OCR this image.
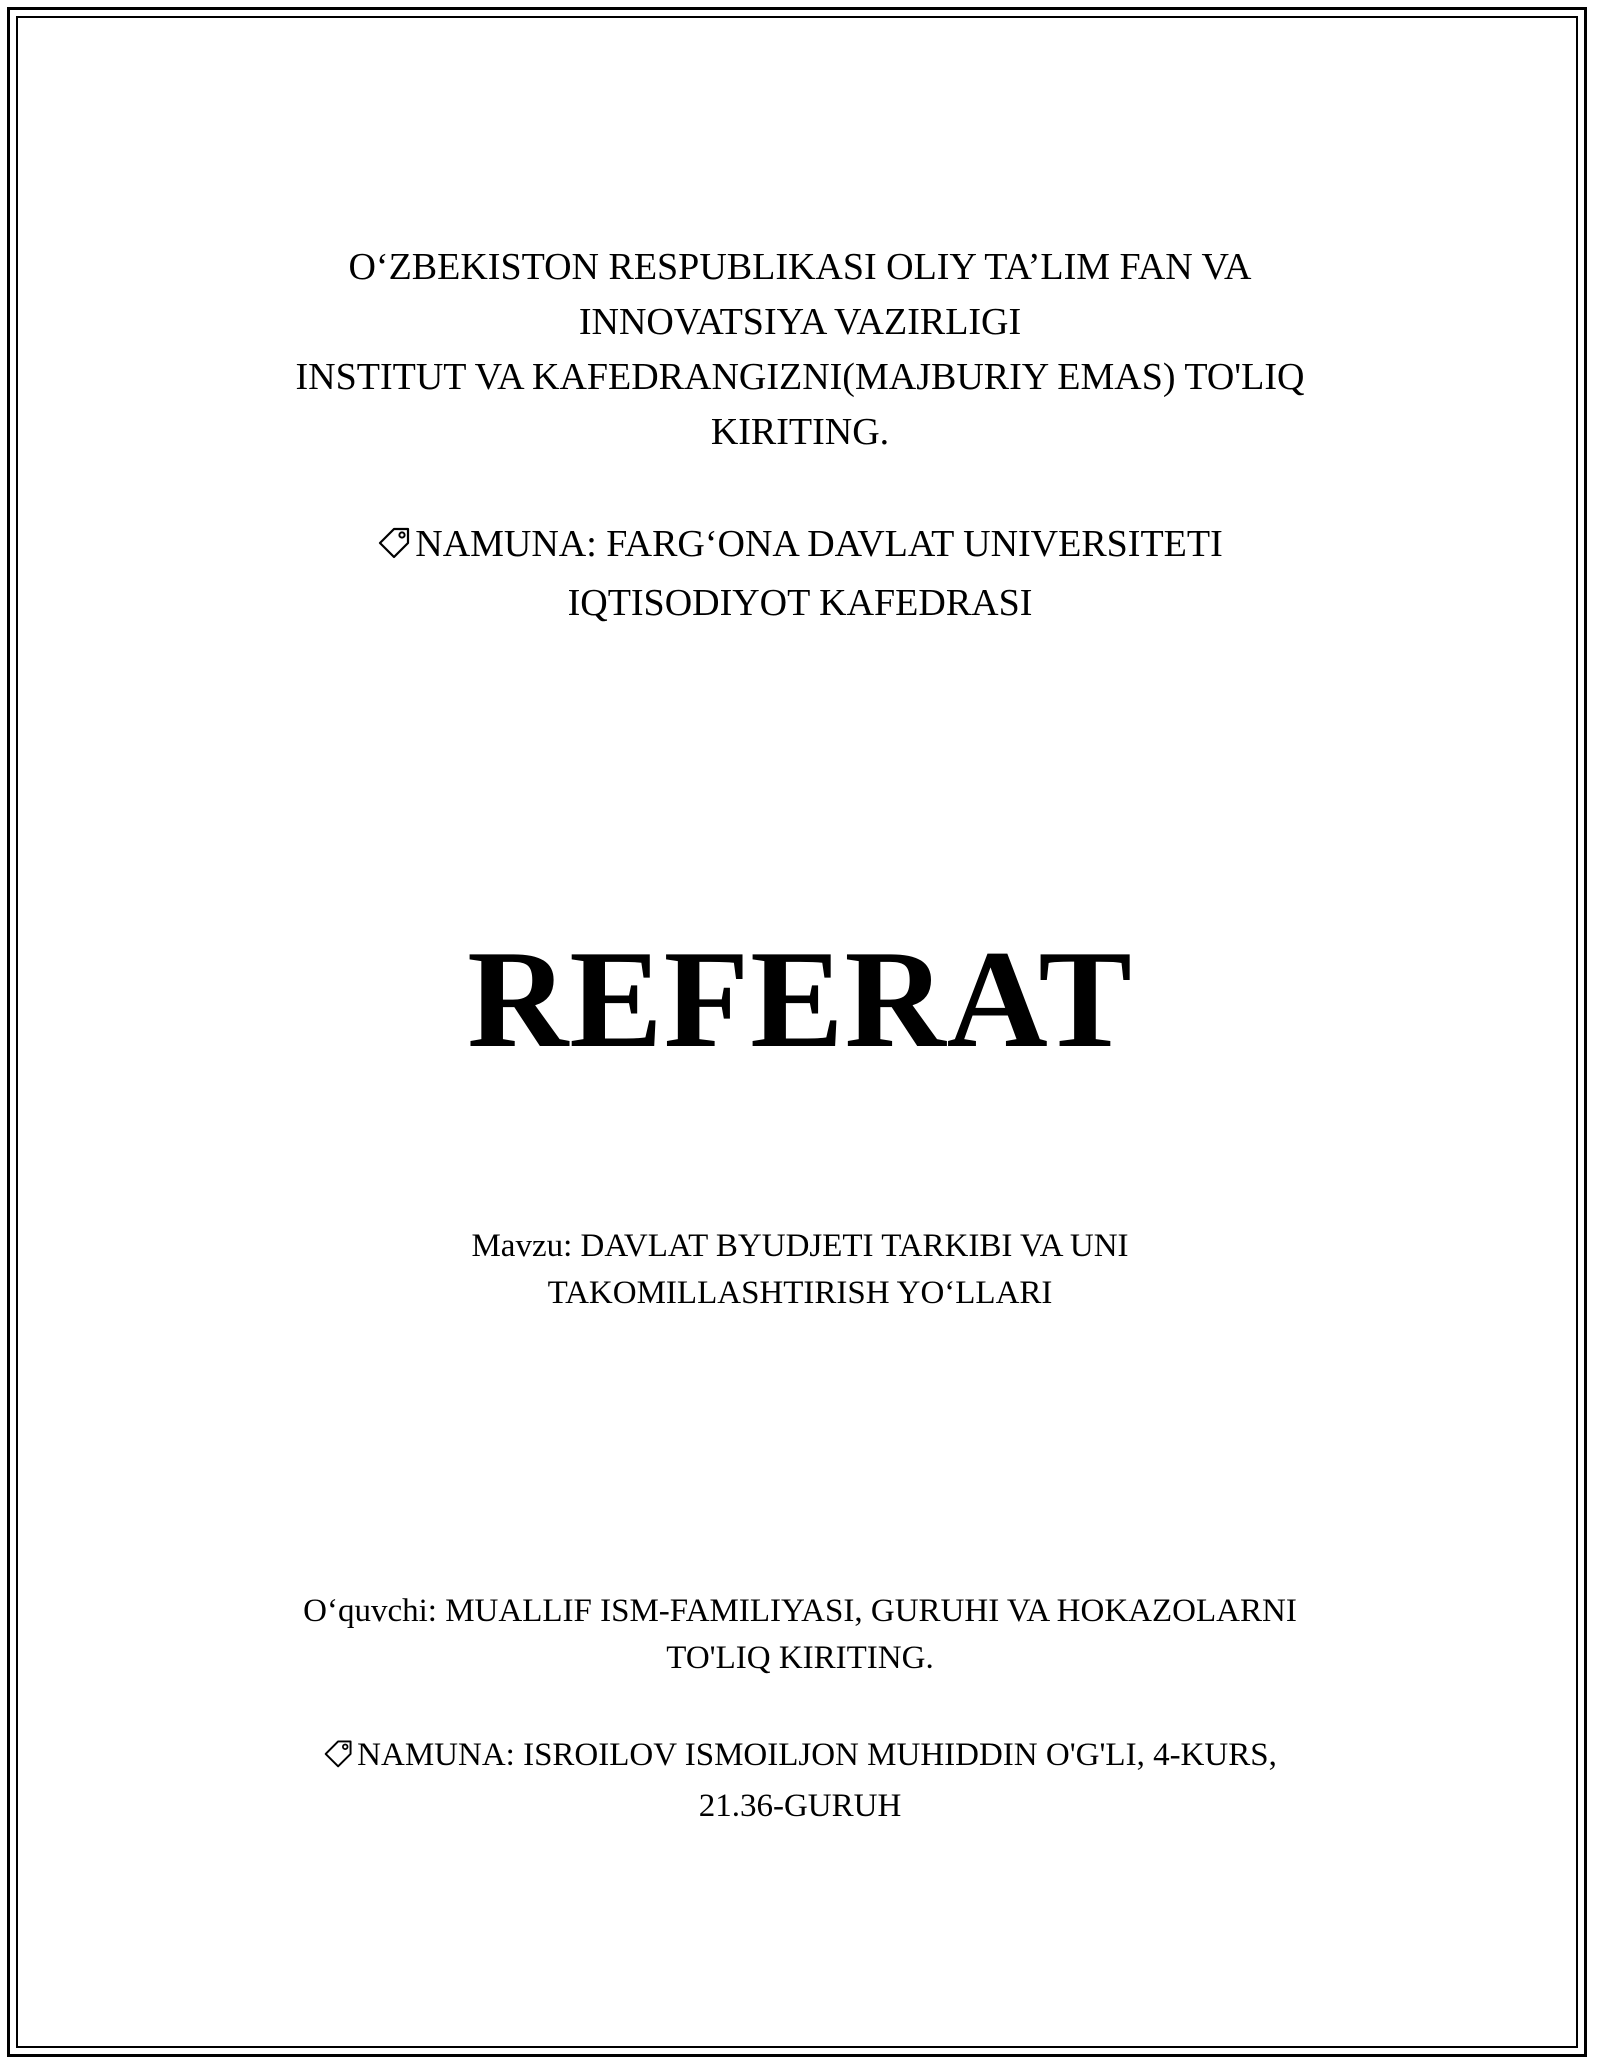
O‘ZBEKISTON RESPUBLIKASI OLIY TA’LIM FAN VA
INNOVATSIYA VAZIRLIGI
INSTITUT VA KAFEDRANGIZNI(MAJBURIY EMAS) TO'LIQ
KIRITING.
NAMUNA: FARG‘ONA DAVLAT UNIVERSITETI
IQTISODIYOT KAFEDRASI
REFERAT
Mavzu: DAVLAT BYUDJETI TARKIBI VA UNI
TAKOMILLASHTIRISH YO‘LLARI
O‘quvchi: MUALLIF ISM-FAMILIYASI, GURUHI VA HOKAZOLARNI
TO'LIQ KIRITING.
NAMUNA: ISROILOV ISMOILJON MUHIDDIN O'G'LI, 4-KURS,
21.36-GURUH
